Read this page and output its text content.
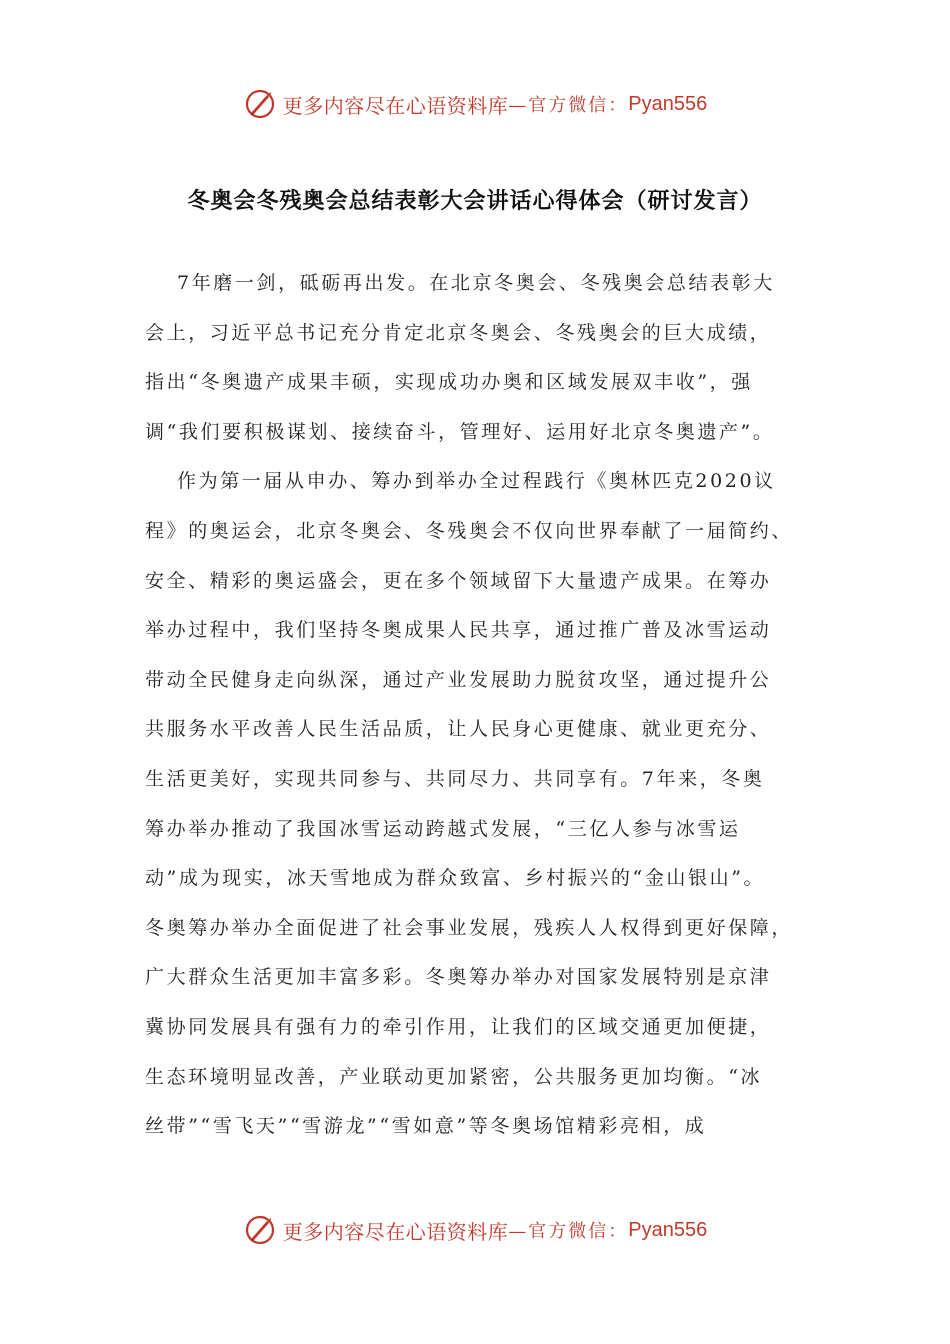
更多内容尽在心语资料库 —官方微信： Pyan556
冬奥会冬残奥会总结表彰大会讲话心得体会（研讨发言）
7年磨一剑，砥砺再出发。在北京冬奥会、冬残奥会总结表彰大
会上，习近平总书记充分肯定北京冬奥会、冬残奥会的巨大成绩，
指出“冬奥遗产成果丰硕，实现成功办奥和区域发展双丰收”，强
调“我们要积极谋划、接续奋斗，管理好、运用好北京冬奥遗产”。
作为第一届从申办、筹办到举办全过程践行《奥林匹克2020议
程》的奥运会，北京冬奥会、冬残奥会不仅向世界奉献了一届简约、
安全、精彩的奥运盛会，更在多个领域留下大量遗产成果。在筹办
举办过程中，我们坚持冬奥成果人民共享，通过推广普及冰雪运动
带动全民健身走向纵深，通过产业发展助力脱贫攻坚，通过提升公
共服务水平改善人民生活品质，让人民身心更健康、就业更充分、
生活更美好，实现共同参与、共同尽力、共同享有。7年来，冬奥
筹办举办推动了我国冰雪运动跨越式发展，“三亿人参与冰雪运
动”成为现实，冰天雪地成为群众致富、乡村振兴的“金山银山”。
冬奥筹办举办全面促进了社会事业发展，残疾人人权得到更好保障，
广大群众生活更加丰富多彩。冬奥筹办举办对国家发展特别是京津
冀协同发展具有强有力的牵引作用，让我们的区域交通更加便捷，
生态环境明显改善，产业联动更加紧密，公共服务更加均衡。“冰
丝带”“雪飞天”“雪游龙”“雪如意”等冬奥场馆精彩亮相，成
更多内容尽在心语资料库 —官方微信： Pyan556
